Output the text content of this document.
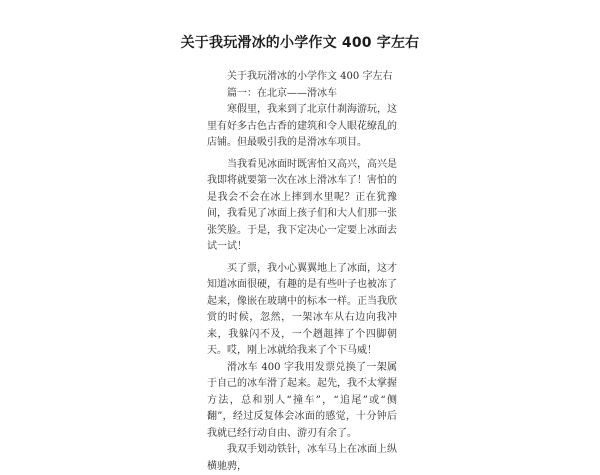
关于我玩滑冰的小学作文 400 字左右

关于我玩滑冰的小学作文 400 字左右

篇一：在北京——滑冰车

寒假里，我来到了北京什刹海游玩，这里有好多古色古香的建筑和令人眼花缭乱的店铺。但最吸引我的是滑冰车项目。

当我看见冰面时既害怕又高兴，高兴是我即将就要第一次在冰上滑冰车了！害怕的是我会不会在冰上摔到水里呢？正在犹豫间，我看见了冰面上孩子们和大人们那一张张笑脸。于是，我下定决心一定要上冰面去试一试！

买了票，我小心翼翼地上了冰面，这才知道冰面很硬，有趣的是有些叶子也被冻了起来，像嵌在玻璃中的标本一样。正当我欣赏的时候，忽然，一架冰车从右边向我冲来，我躲闪不及，一个趔趄摔了个四脚朝天。哎，刚上冰就给我来了个下马威！

滑冰车 400 字我用发票兑换了一架属于自己的冰车滑了起来。起先，我不太掌握方法，总和别人“撞车”，“追尾”或“侧翻”，经过反复体会冰面的感觉，十分钟后我就已经行动自由、游刃有余了。

我双手划动铁针，冰车马上在冰面上纵横驰骋，
